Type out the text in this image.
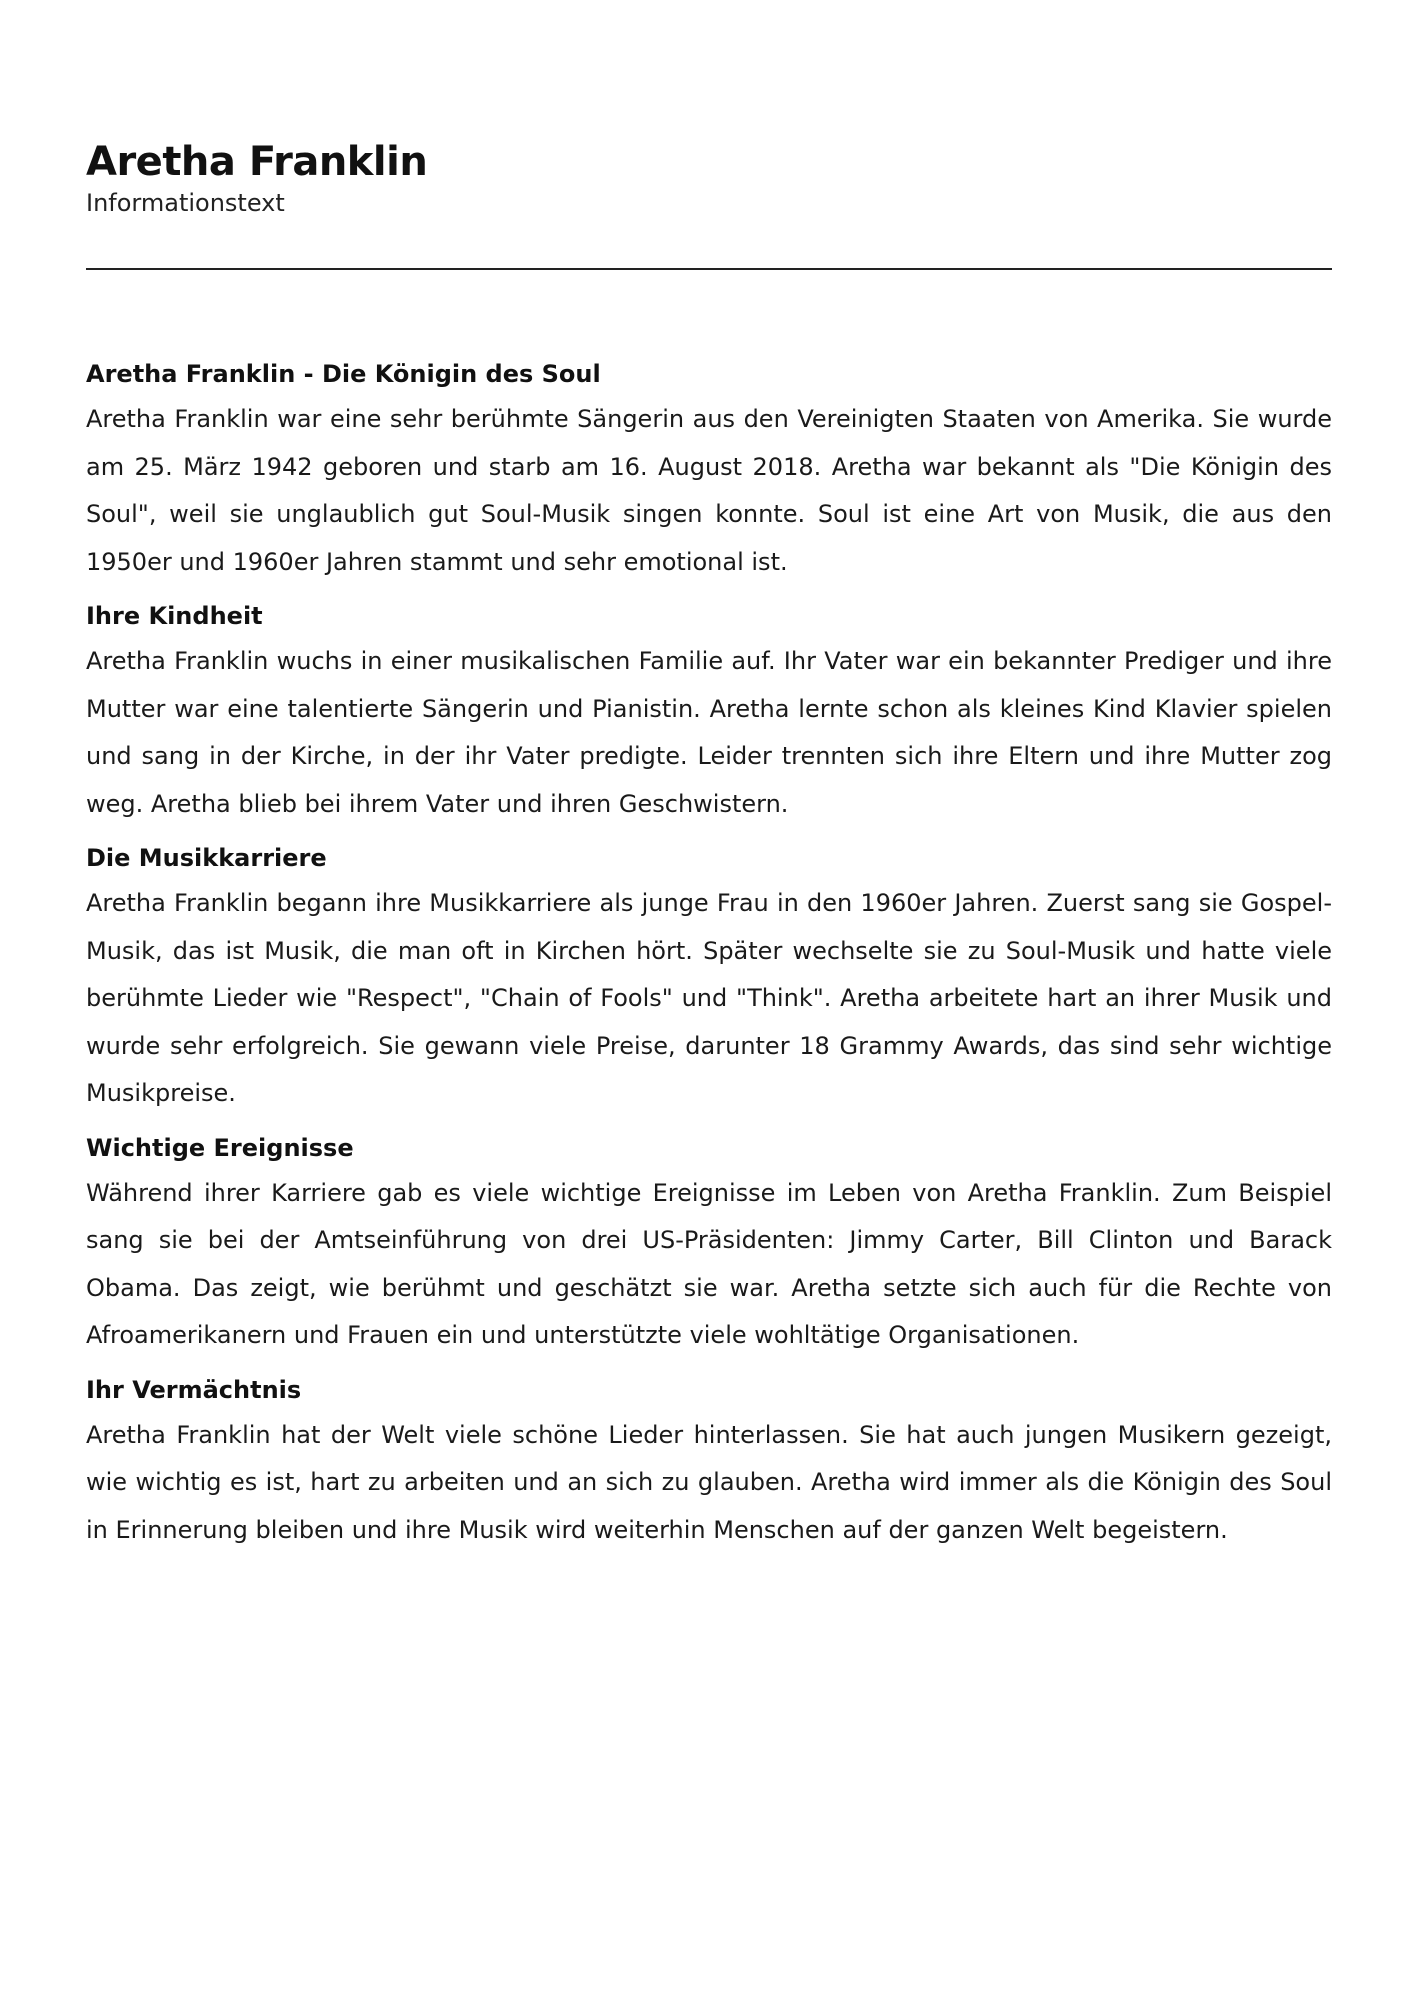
Aretha Franklin
Informationstext
Aretha Franklin - Die Königin des Soul

Aretha Franklin war eine sehr berühmte Sängerin aus den Vereinigten Staaten von Amerika. Sie wurde am 25. März 1942 geboren und starb am 16. August 2018. Aretha war bekannt als "Die Königin des Soul", weil sie unglaublich gut Soul-Musik singen konnte. Soul ist eine Art von Musik, die aus den 1950er und 1960er Jahren stammt und sehr emotional ist.

Ihre Kindheit

Aretha Franklin wuchs in einer musikalischen Familie auf. Ihr Vater war ein bekannter Prediger und ihre Mutter war eine talentierte Sängerin und Pianistin. Aretha lernte schon als kleines Kind Klavier spielen und sang in der Kirche, in der ihr Vater predigte. Leider trennten sich ihre Eltern und ihre Mutter zog weg. Aretha blieb bei ihrem Vater und ihren Geschwistern.

Die Musikkarriere

Aretha Franklin begann ihre Musikkarriere als junge Frau in den 1960er Jahren. Zuerst sang sie Gospel-Musik, das ist Musik, die man oft in Kirchen hört. Später wechselte sie zu Soul-Musik und hatte viele berühmte Lieder wie "Respect", "Chain of Fools" und "Think". Aretha arbeitete hart an ihrer Musik und wurde sehr erfolgreich. Sie gewann viele Preise, darunter 18 Grammy Awards, das sind sehr wichtige Musikpreise.

Wichtige Ereignisse

Während ihrer Karriere gab es viele wichtige Ereignisse im Leben von Aretha Franklin. Zum Beispiel sang sie bei der Amtseinführung von drei US-Präsidenten: Jimmy Carter, Bill Clinton und Barack Obama. Das zeigt, wie berühmt und geschätzt sie war. Aretha setzte sich auch für die Rechte von Afroamerikanern und Frauen ein und unterstützte viele wohltätige Organisationen.

Ihr Vermächtnis

Aretha Franklin hat der Welt viele schöne Lieder hinterlassen. Sie hat auch jungen Musikern gezeigt, wie wichtig es ist, hart zu arbeiten und an sich zu glauben. Aretha wird immer als die Königin des Soul in Erinnerung bleiben und ihre Musik wird weiterhin Menschen auf der ganzen Welt begeistern.
